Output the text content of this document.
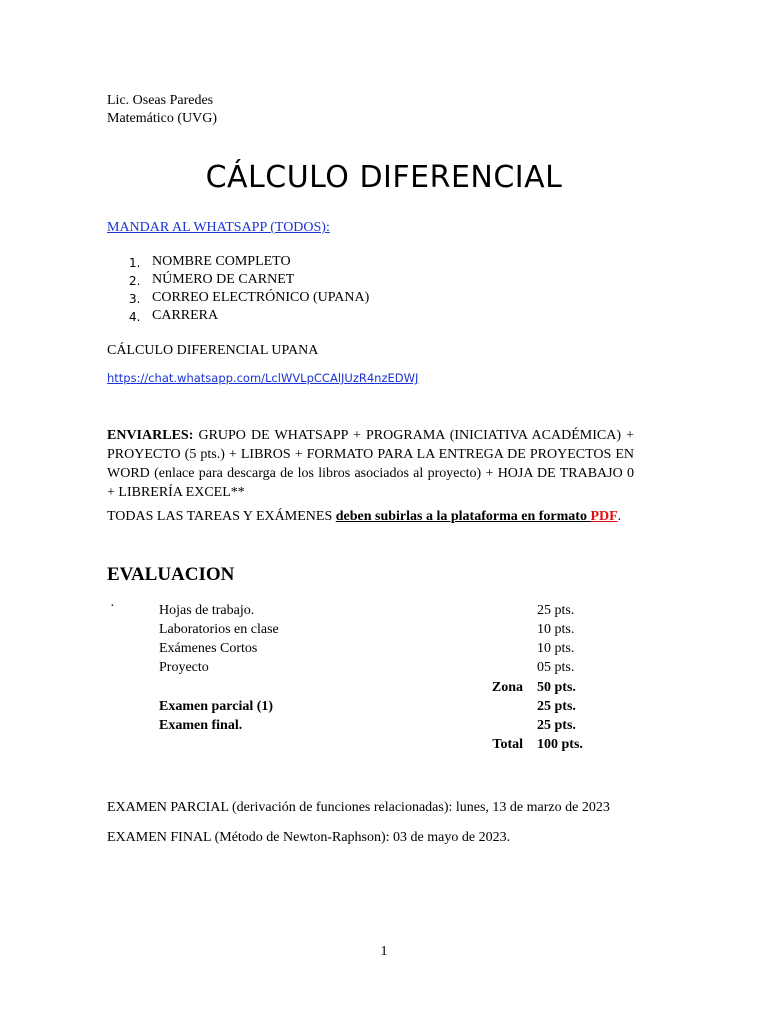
Lic. Oseas Paredes
Matemático (UVG)
CÁLCULO DIFERENCIAL
MANDAR AL WHATSAPP (TODOS):
1. NOMBRE COMPLETO
2. NÚMERO DE CARNET
3. CORREO ELECTRÓNICO (UPANA)
4. CARRERA
CÁLCULO DIFERENCIAL UPANA
https://chat.whatsapp.com/LclWVLpCCAlJUzR4nzEDWJ
ENVIARLES: GRUPO DE WHATSAPP + PROGRAMA (INICIATIVA ACADÉMICA) + PROYECTO (5 pts.) + LIBROS + FORMATO PARA LA ENTREGA DE PROYECTOS EN WORD (enlace para descarga de los libros asociados al proyecto) + HOJA DE TRABAJO 0 + LIBRERÍA EXCEL**
TODAS LAS TAREAS Y EXÁMENES deben subirlas a la plataforma en formato PDF.
EVALUACION
·	Hojas de trabajo.	25 pts.
Laboratorios en clase	10 pts.
Exámenes Cortos	10 pts.
Proyecto	05 pts.
Zona 50 pts.
Examen parcial (1)	25 pts.
Examen final.	25 pts.
Total 100 pts.
EXAMEN PARCIAL (derivación de funciones relacionadas): lunes, 13 de marzo de 2023
EXAMEN FINAL (Método de Newton-Raphson): 03 de mayo de 2023.
1
